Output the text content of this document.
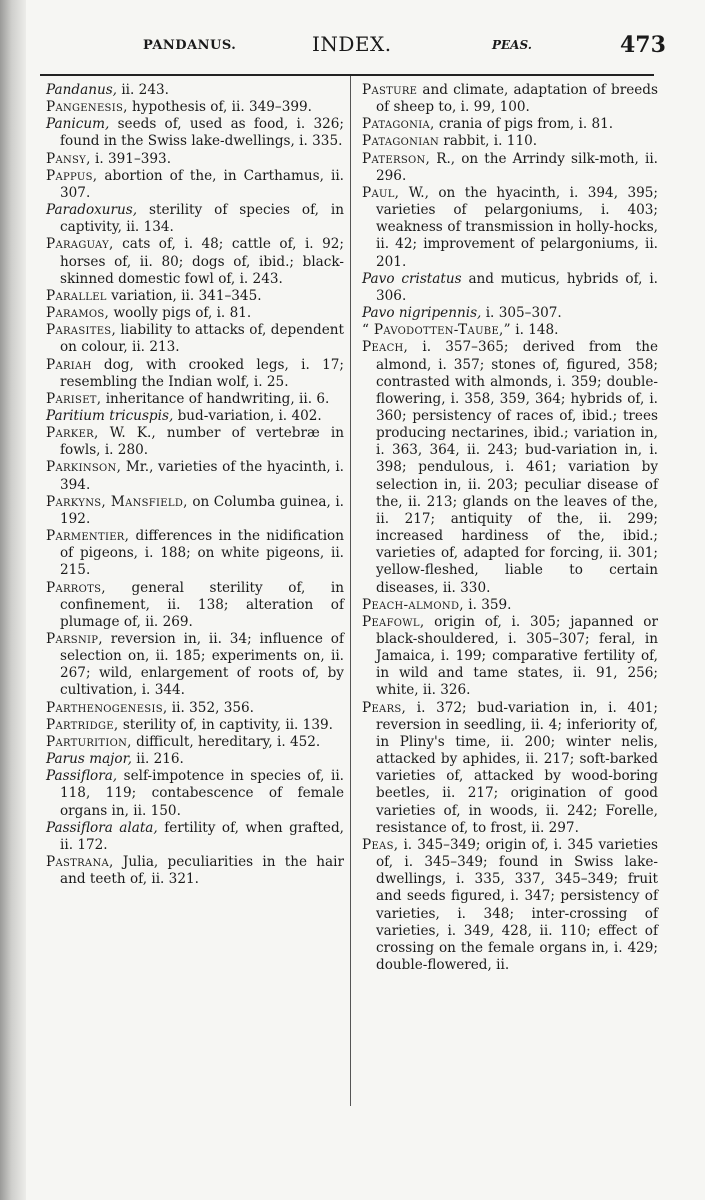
PANDANUS.	INDEX.	PEAS.	473

Pandanus, ii. 243.

Pangenesis, hypothesis of, ii. 349–399.

Panicum, seeds of, used as food, i. 326; found in the Swiss lake-dwellings, i. 335.

Pansy, i. 391–393.

Pappus, abortion of the, in Carthamus, ii. 307.

Paradoxurus, sterility of species of, in captivity, ii. 134.

Paraguay, cats of, i. 48; cattle of, i. 92; horses of, ii. 80; dogs of, ibid.; black-skinned domestic fowl of, i. 243.

Parallel variation, ii. 341–345.

Paramos, woolly pigs of, i. 81.

Parasites, liability to attacks of, dependent on colour, ii. 213.

Pariah dog, with crooked legs, i. 17; resembling the Indian wolf, i. 25.

Pariset, inheritance of handwriting, ii. 6.

Paritium tricuspis, bud-variation, i. 402.

Parker, W. K., number of vertebræ in fowls, i. 280.

Parkinson, Mr., varieties of the hyacinth, i. 394.

Parkyns, Mansfield, on Columba guinea, i. 192.

Parmentier, differences in the nidification of pigeons, i. 188; on white pigeons, ii. 215.

Parrots, general sterility of, in confinement, ii. 138; alteration of plumage of, ii. 269.

Parsnip, reversion in, ii. 34; influence of selection on, ii. 185; experiments on, ii. 267; wild, enlargement of roots of, by cultivation, i. 344.

Parthenogenesis, ii. 352, 356.

Partridge, sterility of, in captivity, ii. 139.

Parturition, difficult, hereditary, i. 452.

Parus major, ii. 216.

Passiflora, self-impotence in species of, ii. 118, 119; contabescence of female organs in, ii. 150.

Passiflora alata, fertility of, when grafted, ii. 172.

Pastrana, Julia, peculiarities in the hair and teeth of, ii. 321.

Pasture and climate, adaptation of breeds of sheep to, i. 99, 100.

Patagonia, crania of pigs from, i. 81.

Patagonian rabbit, i. 110.

Paterson, R., on the Arrindy silk-moth, ii. 296.

Paul, W., on the hyacinth, i. 394, 395; varieties of pelargoniums, i. 403; weakness of transmission in holly-hocks, ii. 42; improvement of pelargoniums, ii. 201.

Pavo cristatus and muticus, hybrids of, i. 306.

Pavo nigripennis, i. 305–307.

“ Pavodotten-Taube,” i. 148.

Peach, i. 357–365; derived from the almond, i. 357; stones of, figured, 358; contrasted with almonds, i. 359; double-flowering, i. 358, 359, 364; hybrids of, i. 360; persistency of races of, ibid.; trees producing nectarines, ibid.; variation in, i. 363, 364, ii. 243; bud-variation in, i. 398; pendulous, i. 461; variation by selection in, ii. 203; peculiar disease of the, ii. 213; glands on the leaves of the, ii. 217; antiquity of the, ii. 299; increased hardiness of the, ibid.; varieties of, adapted for forcing, ii. 301; yellow-fleshed, liable to certain diseases, ii. 330.

Peach-almond, i. 359.

Peafowl, origin of, i. 305; japanned or black-shouldered, i. 305–307; feral, in Jamaica, i. 199; comparative fertility of, in wild and tame states, ii. 91, 256; white, ii. 326.

Pears, i. 372; bud-variation in, i. 401; reversion in seedling, ii. 4; inferiority of, in Pliny's time, ii. 200; winter nelis, attacked by aphides, ii. 217; soft-barked varieties of, attacked by wood-boring beetles, ii. 217; origination of good varieties of, in woods, ii. 242; Forelle, resistance of, to frost, ii. 297.

Peas, i. 345–349; origin of, i. 345 varieties of, i. 345–349; found in Swiss lake-dwellings, i. 335, 337, 345–349; fruit and seeds figured, i. 347; persistency of varieties, i. 348; inter-crossing of varieties, i. 349, 428, ii. 110; effect of crossing on the female organs in, i. 429; double-flowered, ii.
